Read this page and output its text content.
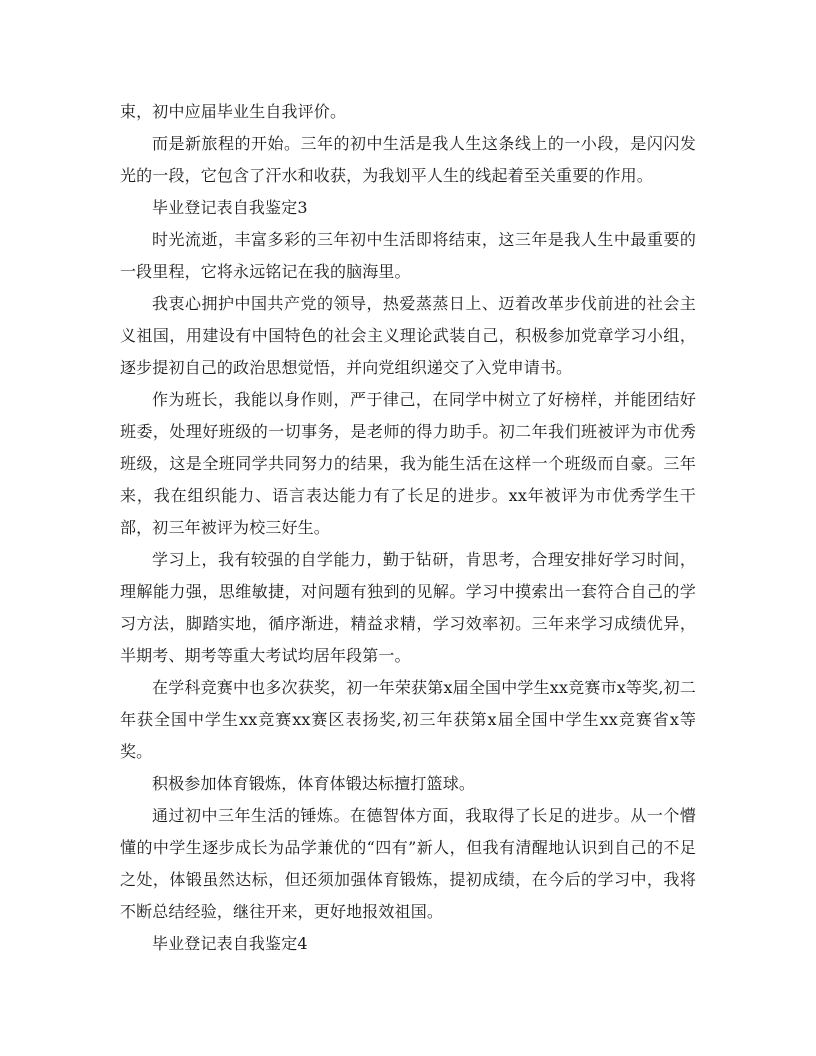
束，初中应届毕业生自我评价。

而是新旅程的开始。三年的初中生活是我人生这条线上的一小段，是闪闪发光的一段，它包含了汗水和收获，为我划平人生的线起着至关重要的作用。

毕业登记表自我鉴定3

时光流逝，丰富多彩的三年初中生活即将结束，这三年是我人生中最重要的一段里程，它将永远铭记在我的脑海里。

我衷心拥护中国共产党的领导，热爱蒸蒸日上、迈着改革步伐前进的社会主义祖国，用建设有中国特色的社会主义理论武装自己，积极参加党章学习小组，逐步提初自己的政治思想觉悟，并向党组织递交了入党申请书。

作为班长，我能以身作则，严于律己，在同学中树立了好榜样，并能团结好班委，处理好班级的一切事务，是老师的得力助手。初二年我们班被评为市优秀班级，这是全班同学共同努力的结果，我为能生活在这样一个班级而自豪。三年来，我在组织能力、语言表达能力有了长足的进步。xx年被评为市优秀学生干部，初三年被评为校三好生。

学习上，我有较强的自学能力，勤于钻研，肯思考，合理安排好学习时间，理解能力强，思维敏捷，对问题有独到的见解。学习中摸索出一套符合自己的学习方法，脚踏实地，循序渐进，精益求精，学习效率初。三年来学习成绩优异，半期考、期考等重大考试均居年段第一。

在学科竞赛中也多次获奖，初一年荣获第x届全国中学生xx竞赛市x等奖,初二年获全国中学生xx竞赛xx赛区表扬奖,初三年获第x届全国中学生xx竞赛省x等奖。

积极参加体育锻炼，体育体锻达标擅打篮球。

通过初中三年生活的锤炼。在德智体方面，我取得了长足的进步。从一个懵懂的中学生逐步成长为品学兼优的“四有”新人，但我有清醒地认识到自己的不足之处，体锻虽然达标，但还须加强体育锻炼，提初成绩，在今后的学习中，我将不断总结经验，继往开来，更好地报效祖国。

毕业登记表自我鉴定4
